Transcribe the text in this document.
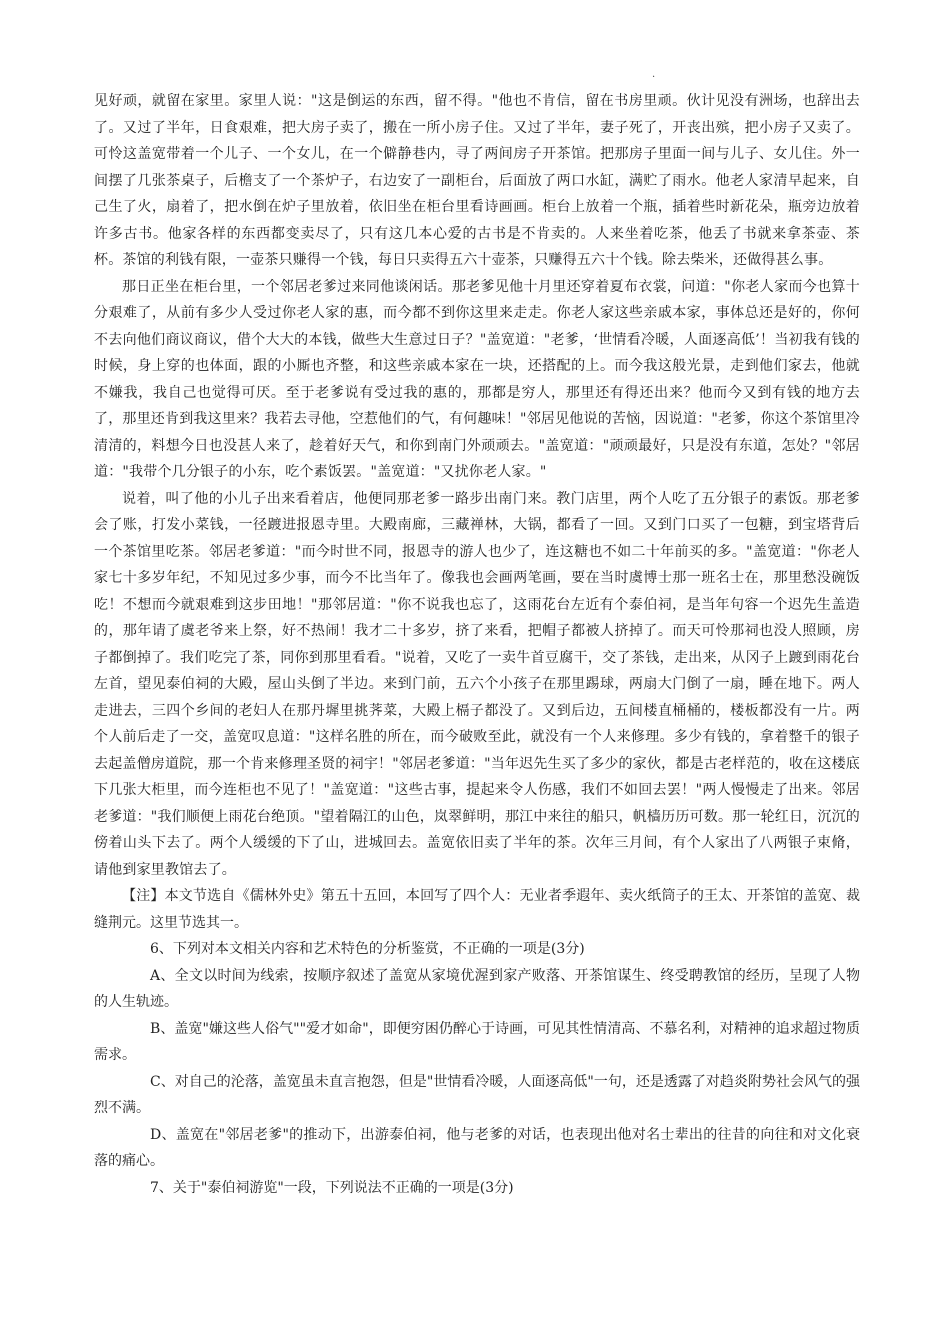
.

见好顽，就留在家里。家里人说："这是倒运的东西，留不得。"他也不肯信，留在书房里顽。伙计见没有洲场，也辞出去了。又过了半年，日食艰难，把大房子卖了，搬在一所小房子住。又过了半年，妻子死了，开丧出殡，把小房子又卖了。可怜这盖宽带着一个儿子、一个女儿，在一个僻静巷内，寻了两间房子开茶馆。把那房子里面一间与儿子、女儿住。外一间摆了几张茶桌子，后檐支了一个茶炉子，右边安了一副柜台，后面放了两口水缸，满贮了雨水。他老人家清早起来，自己生了火，扇着了，把水倒在炉子里放着，依旧坐在柜台里看诗画画。柜台上放着一个瓶，插着些时新花朵，瓶旁边放着许多古书。他家各样的东西都变卖尽了，只有这几本心爱的古书是不肯卖的。人来坐着吃茶，他丢了书就来拿茶壶、茶杯。茶馆的利钱有限，一壶茶只赚得一个钱，每日只卖得五六十壶茶，只赚得五六十个钱。除去柴米，还做得甚么事。

那日正坐在柜台里，一个邻居老爹过来同他谈闲话。那老爹见他十月里还穿着夏布衣裳，问道："你老人家而今也算十分艰难了，从前有多少人受过你老人家的惠，而今都不到你这里来走走。你老人家这些亲戚本家，事体总还是好的，你何不去向他们商议商议，借个大大的本钱，做些大生意过日子？"盖宽道："老爹，‘世情看冷暖，人面逐高低’！当初我有钱的时候，身上穿的也体面，跟的小厮也齐整，和这些亲戚本家在一块，还搭配的上。而今我这般光景，走到他们家去，他就不嫌我，我自己也觉得可厌。至于老爹说有受过我的惠的，那都是穷人，那里还有得还出来？他而今又到有钱的地方去了，那里还肯到我这里来？我若去寻他，空惹他们的气，有何趣味！"邻居见他说的苦恼，因说道："老爹，你这个茶馆里冷清清的，料想今日也没甚人来了，趁着好天气，和你到南门外顽顽去。"盖宽道："顽顽最好，只是没有东道，怎处？"邻居道："我带个几分银子的小东，吃个素饭罢。"盖宽道："又扰你老人家。"

说着，叫了他的小儿子出来看着店，他便同那老爹一路步出南门来。教门店里，两个人吃了五分银子的素饭。那老爹会了账，打发小菜钱，一径踱进报恩寺里。大殿南廊，三藏禅林，大锅，都看了一回。又到门口买了一包糖，到宝塔背后一个茶馆里吃茶。邻居老爹道："而今时世不同，报恩寺的游人也少了，连这糖也不如二十年前买的多。"盖宽道："你老人家七十多岁年纪，不知见过多少事，而今不比当年了。像我也会画两笔画，要在当时虞博士那一班名士在，那里愁没碗饭吃！不想而今就艰难到这步田地！"那邻居道："你不说我也忘了，这雨花台左近有个泰伯祠，是当年句容一个迟先生盖造的，那年请了虞老爷来上祭，好不热闹！我才二十多岁，挤了来看，把帽子都被人挤掉了。而天可怜那祠也没人照顾，房子都倒掉了。我们吃完了茶，同你到那里看看。"说着，又吃了一卖牛首豆腐干，交了茶钱，走出来，从冈子上踱到雨花台左首，望见泰伯祠的大殿，屋山头倒了半边。来到门前，五六个小孩子在那里踢球，两扇大门倒了一扇，睡在地下。两人走进去，三四个乡间的老妇人在那丹墀里挑荠菜，大殿上槅子都没了。又到后边，五间楼直桶桶的，楼板都没有一片。两个人前后走了一交，盖宽叹息道："这样名胜的所在，而今破败至此，就没有一个人来修理。多少有钱的，拿着整千的银子去起盖僧房道院，那一个肯来修理圣贤的祠宇！"邻居老爹道："当年迟先生买了多少的家伙，都是古老样范的，收在这楼底下几张大柜里，而今连柜也不见了！"盖宽道："这些古事，提起来令人伤感，我们不如回去罢！"两人慢慢走了出来。邻居老爹道："我们顺便上雨花台绝顶。"望着隔江的山色，岚翠鲜明，那江中来往的船只，帆樯历历可数。那一轮红日，沉沉的傍着山头下去了。两个人缓缓的下了山，进城回去。盖宽依旧卖了半年的茶。次年三月间，有个人家出了八两银子束脩，请他到家里教馆去了。

【注】本文节选自《儒林外史》第五十五回，本回写了四个人：无业者季遐年、卖火纸筒子的王太、开茶馆的盖宽、裁缝荆元。这里节选其一。

6、下列对本文相关内容和艺术特色的分析鉴赏，不正确的一项是(3分)

A、全文以时间为线索，按顺序叙述了盖宽从家境优渥到家产败落、开茶馆谋生、终受聘教馆的经历，呈现了人物的人生轨迹。

B、盖宽"嫌这些人俗气""爱才如命"，即便穷困仍醉心于诗画，可见其性情清高、不慕名利，对精神的追求超过物质需求。

C、对自己的沦落，盖宽虽未直言抱怨，但是"世情看冷暖，人面逐高低"一句，还是透露了对趋炎附势社会风气的强烈不满。

D、盖宽在"邻居老爹"的推动下，出游泰伯祠，他与老爹的对话，也表现出他对名士辈出的往昔的向往和对文化衰落的痛心。

7、关于"泰伯祠游览"一段，下列说法不正确的一项是(3分)
